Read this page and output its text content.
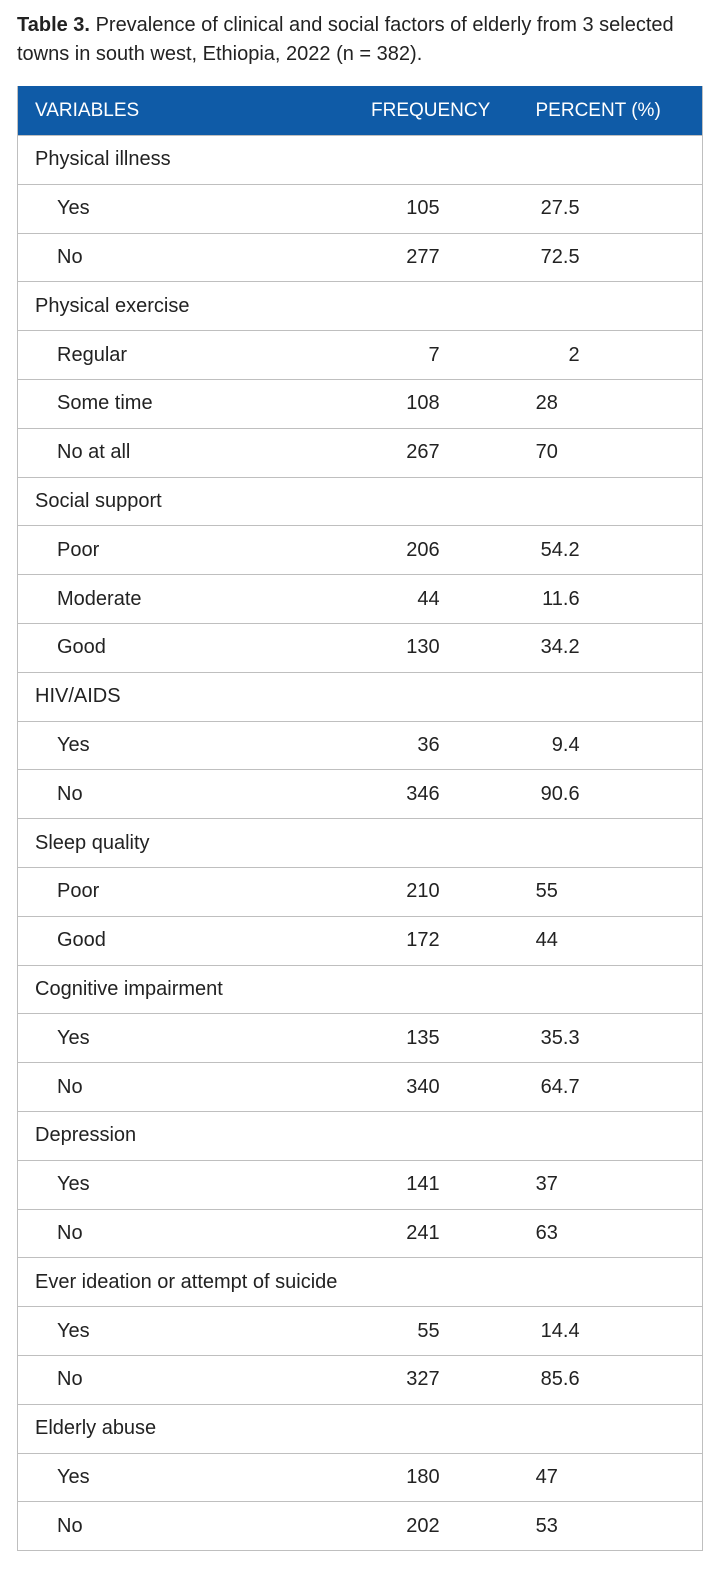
Table 3. Prevalence of clinical and social factors of elderly from 3 selected towns in south west, Ethiopia, 2022 (n = 382).
VARIABLES	FREQUENCY	PERCENT (%)
Physical illness
Yes	105	27.5
No	277	72.5
Physical exercise
Regular	7	2
Some time	108	28
No at all	267	70
Social support
Poor	206	54.2
Moderate	44	11.6
Good	130	34.2
HIV/AIDS
Yes	36	9.4
No	346	90.6
Sleep quality
Poor	210	55
Good	172	44
Cognitive impairment
Yes	135	35.3
No	340	64.7
Depression
Yes	141	37
No	241	63
Ever ideation or attempt of suicide
Yes	55	14.4
No	327	85.6
Elderly abuse
Yes	180	47
No	202	53
